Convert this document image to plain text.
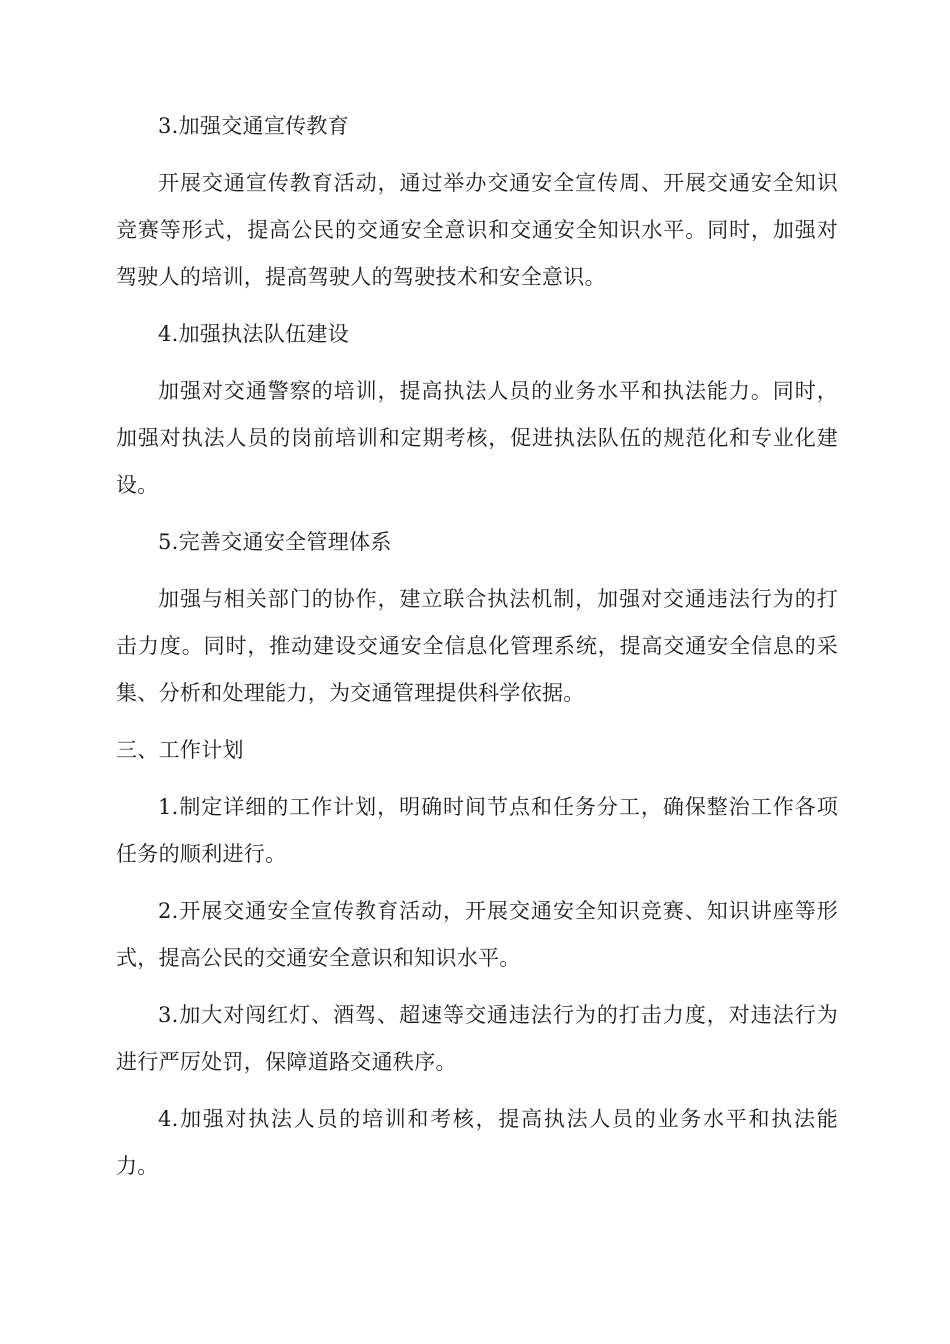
3.加强交通宣传教育

开展交通宣传教育活动，通过举办交通安全宣传周、开展交通安全知识竞赛等形式，提高公民的交通安全意识和交通安全知识水平。同时，加强对驾驶人的培训，提高驾驶人的驾驶技术和安全意识。

4.加强执法队伍建设

加强对交通警察的培训，提高执法人员的业务水平和执法能力。同时，加强对执法人员的岗前培训和定期考核，促进执法队伍的规范化和专业化建设。

5.完善交通安全管理体系

加强与相关部门的协作，建立联合执法机制，加强对交通违法行为的打击力度。同时，推动建设交通安全信息化管理系统，提高交通安全信息的采集、分析和处理能力，为交通管理提供科学依据。

三、工作计划

1.制定详细的工作计划，明确时间节点和任务分工，确保整治工作各项任务的顺利进行。

2.开展交通安全宣传教育活动，开展交通安全知识竞赛、知识讲座等形式，提高公民的交通安全意识和知识水平。

3.加大对闯红灯、酒驾、超速等交通违法行为的打击力度，对违法行为进行严厉处罚，保障道路交通秩序。

4.加强对执法人员的培训和考核，提高执法人员的业务水平和执法能力。
